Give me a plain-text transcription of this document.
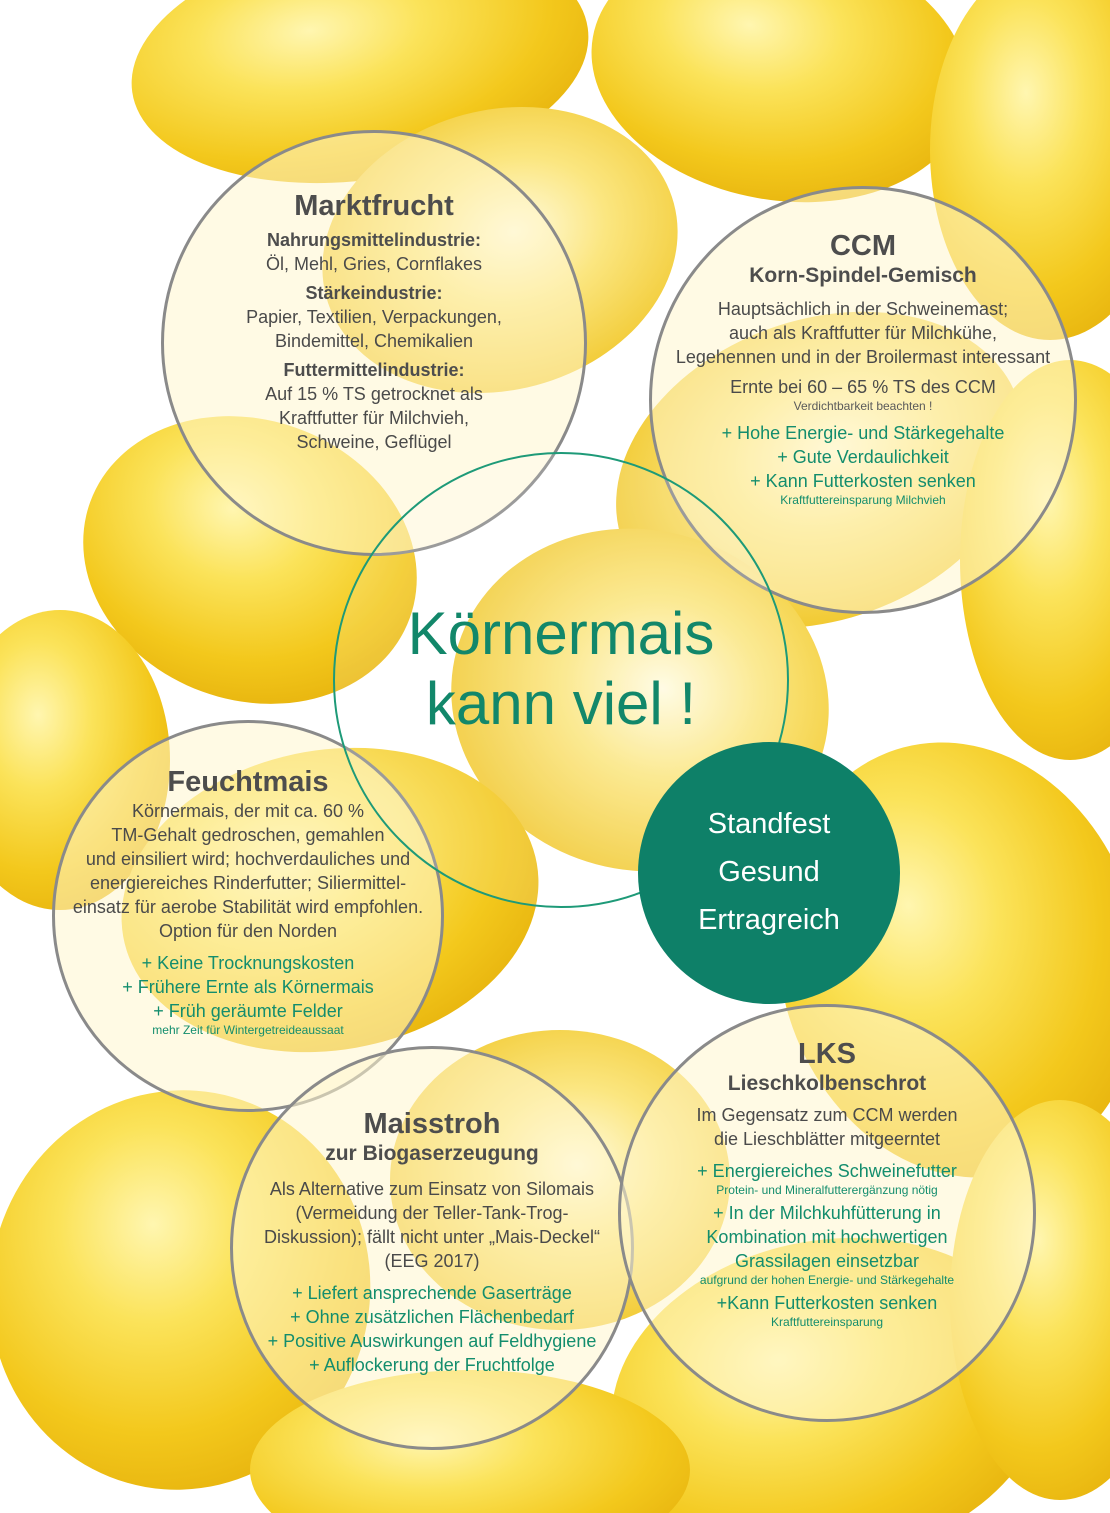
Marktfrucht
Nahrungsmittelindustrie:
Öl, Mehl, Gries, Cornflakes
Stärkeindustrie:
Papier, Textilien, Verpackungen,
Bindemittel, Chemikalien
Futtermittelindustrie:
Auf 15 % TS getrocknet als
Kraftfutter für Milchvieh,
Schweine, Geflügel
CCM
Korn-Spindel-Gemisch
Hauptsächlich in der Schweinemast;
auch als Kraftfutter für Milchkühe,
Legehennen und in der Broilermast interessant
Ernte bei 60 – 65 % TS des CCM
Verdichtbarkeit beachten !
+ Hohe Energie- und Stärkegehalte
+ Gute Verdaulichkeit
+ Kann Futterkosten senken
Kraftfuttereinsparung Milchvieh
Feuchtmais
Körnermais, der mit ca. 60 %
TM-Gehalt gedroschen, gemahlen
und einsiliert wird; hochverdauliches und
energiereiches Rinderfutter; Siliermittel-
einsatz für aerobe Stabilität wird empfohlen.
Option für den Norden
+ Keine Trocknungskosten
+ Frühere Ernte als Körnermais
+ Früh geräumte Felder
mehr Zeit für Wintergetreideaussaat
Maisstroh
zur Biogaserzeugung
Als Alternative zum Einsatz von Silomais
(Vermeidung der Teller-Tank-Trog-
Diskussion); fällt nicht unter „Mais-Deckel“
(EEG 2017)
+ Liefert ansprechende Gaserträge
+ Ohne zusätzlichen Flächenbedarf
+ Positive Auswirkungen auf Feldhygiene
+ Auflockerung der Fruchtfolge
LKS
Lieschkolbenschrot
Im Gegensatz zum CCM werden
die Lieschblätter mitgeerntet
+ Energiereiches Schweinefutter
Protein- und Mineralfutterergänzung nötig
+ In der Milchkuhfütterung in
Kombination mit hochwertigen
Grassilagen einsetzbar
aufgrund der hohen Energie- und Stärkegehalte
+Kann Futterkosten senken
Kraftfuttereinsparung
Körnermais
kann viel !
Standfest
Gesund
Ertragreich
